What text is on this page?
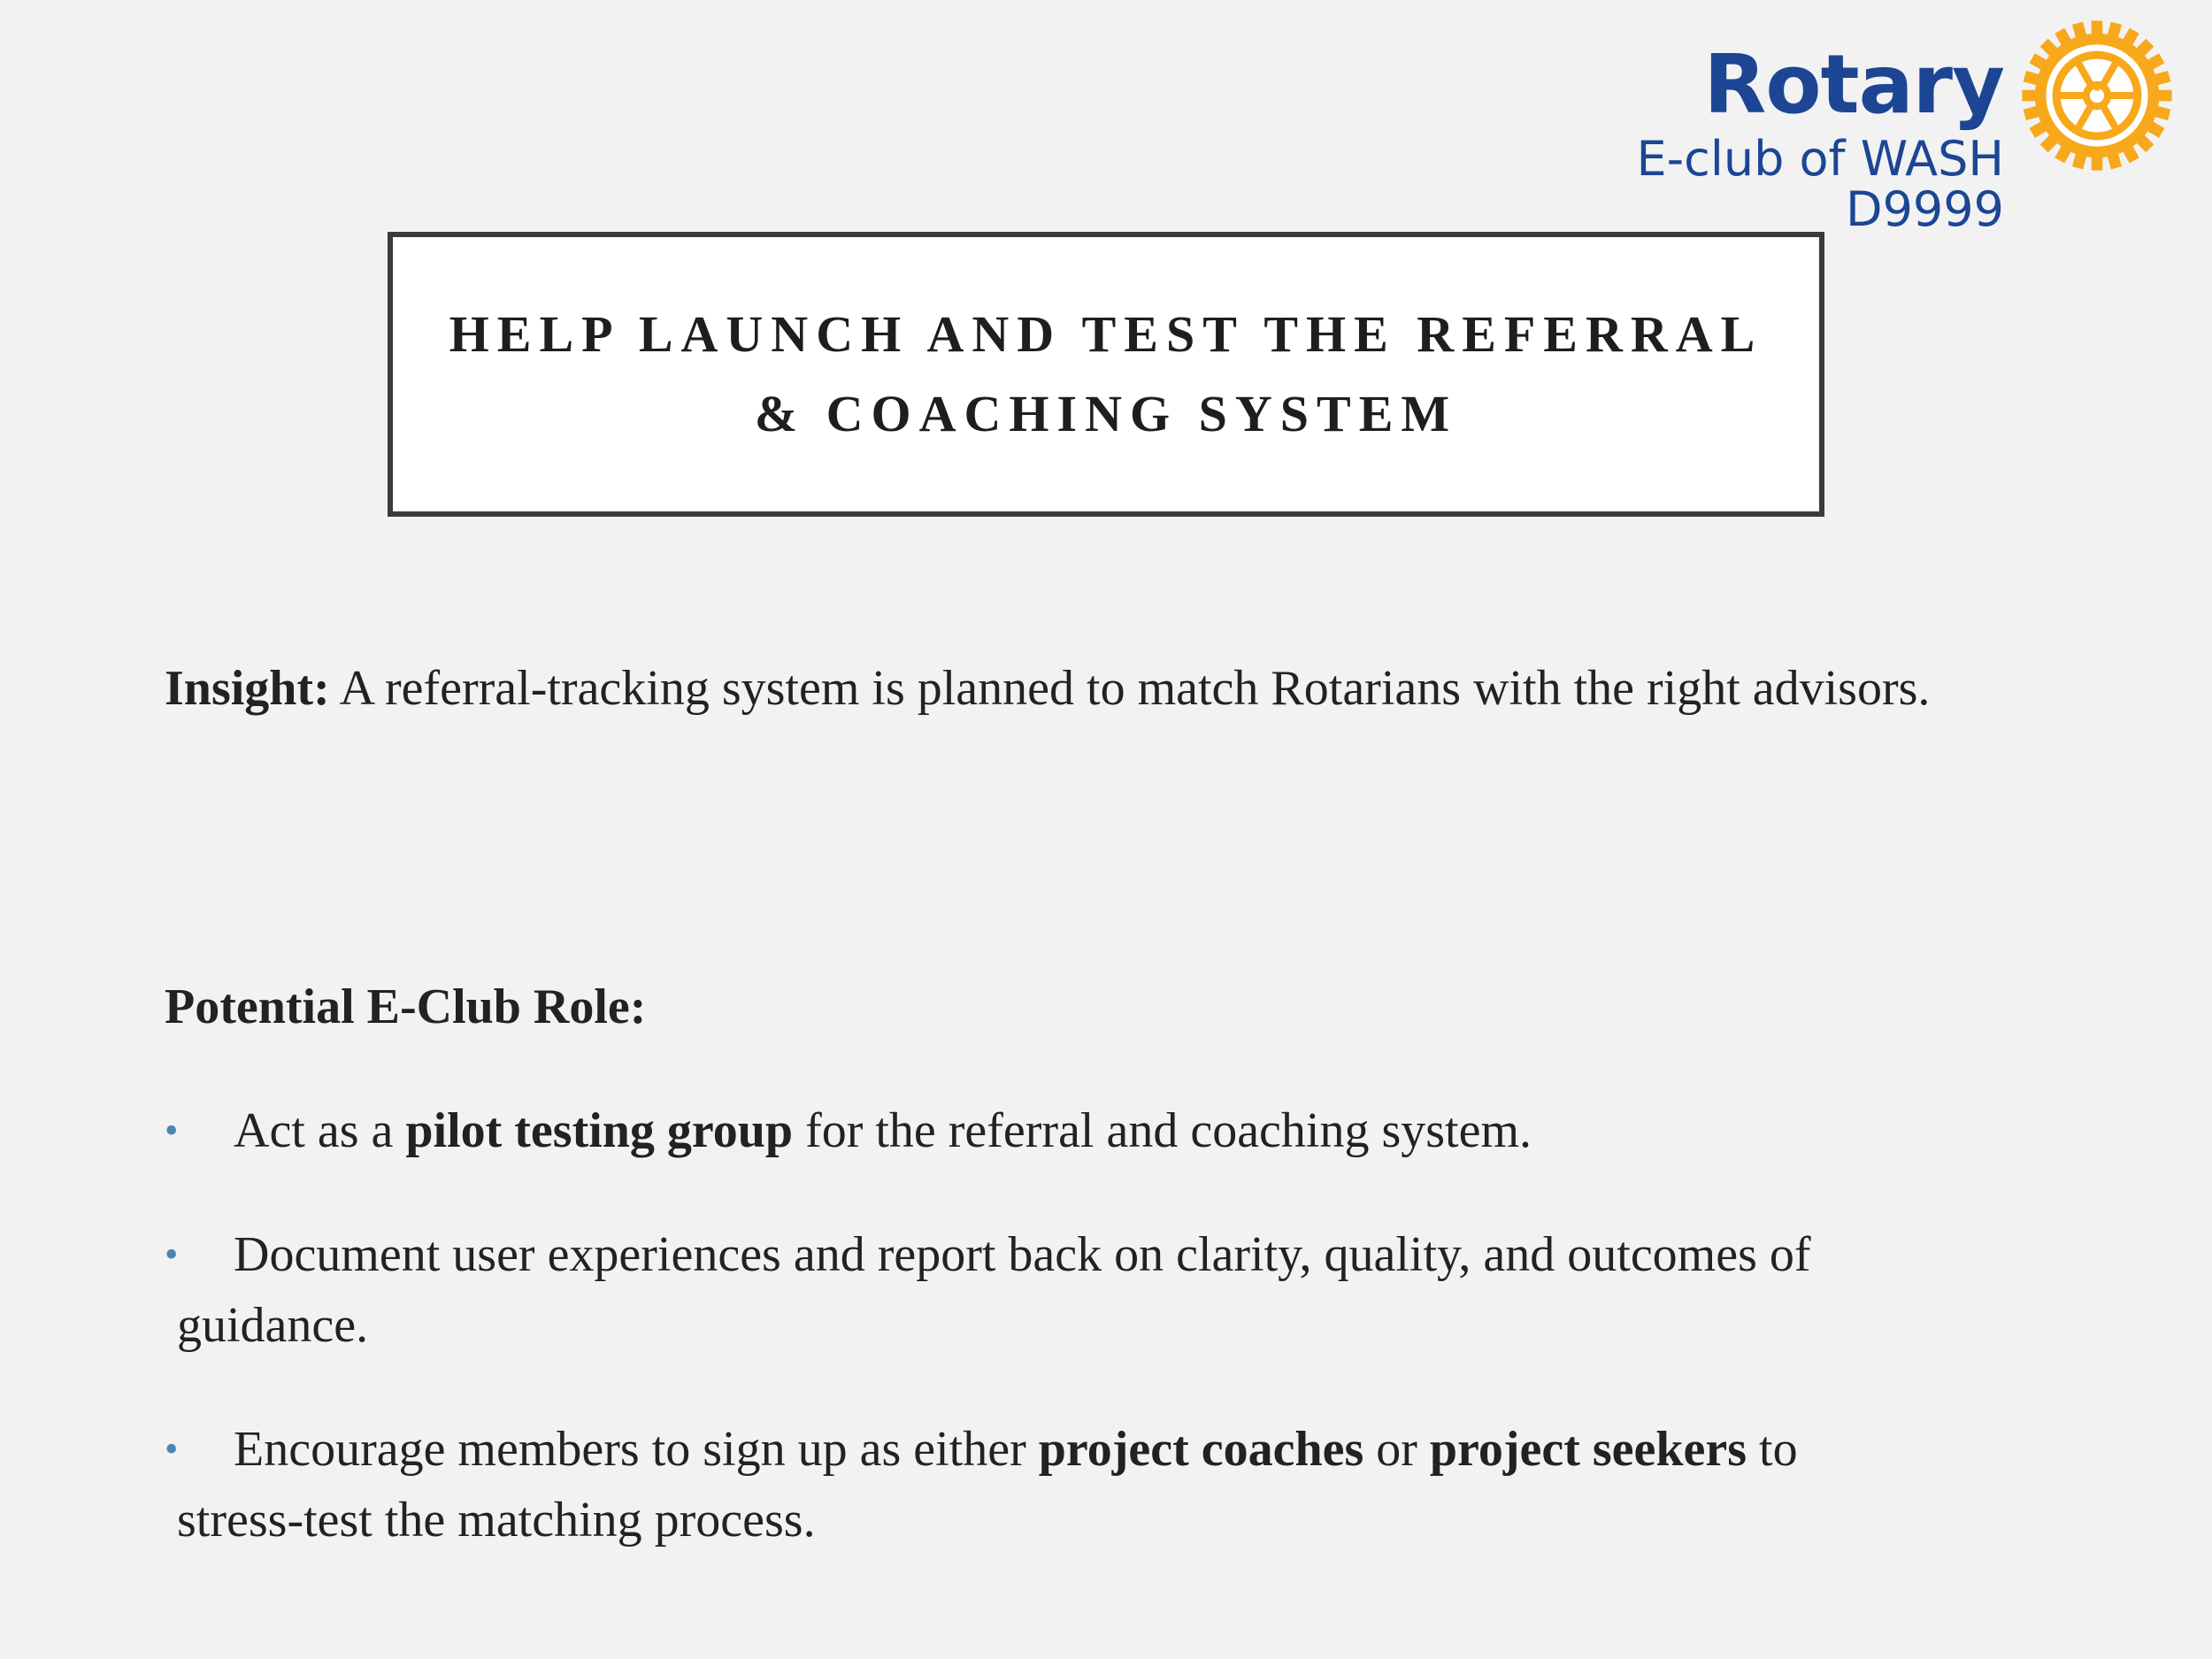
Rotary
E-club of WASH
D9999
HELP LAUNCH AND TEST THE REFERRAL
& COACHING SYSTEM

Insight: A referral-tracking system is planned to match Rotarians with the right advisors.

Potential E-Club Role:

• Act as a pilot testing group for the referral and coaching system.
• Document user experiences and report back on clarity, quality, and outcomes of
guidance.
• Encourage members to sign up as either project coaches or project seekers to
stress-test the matching process.
